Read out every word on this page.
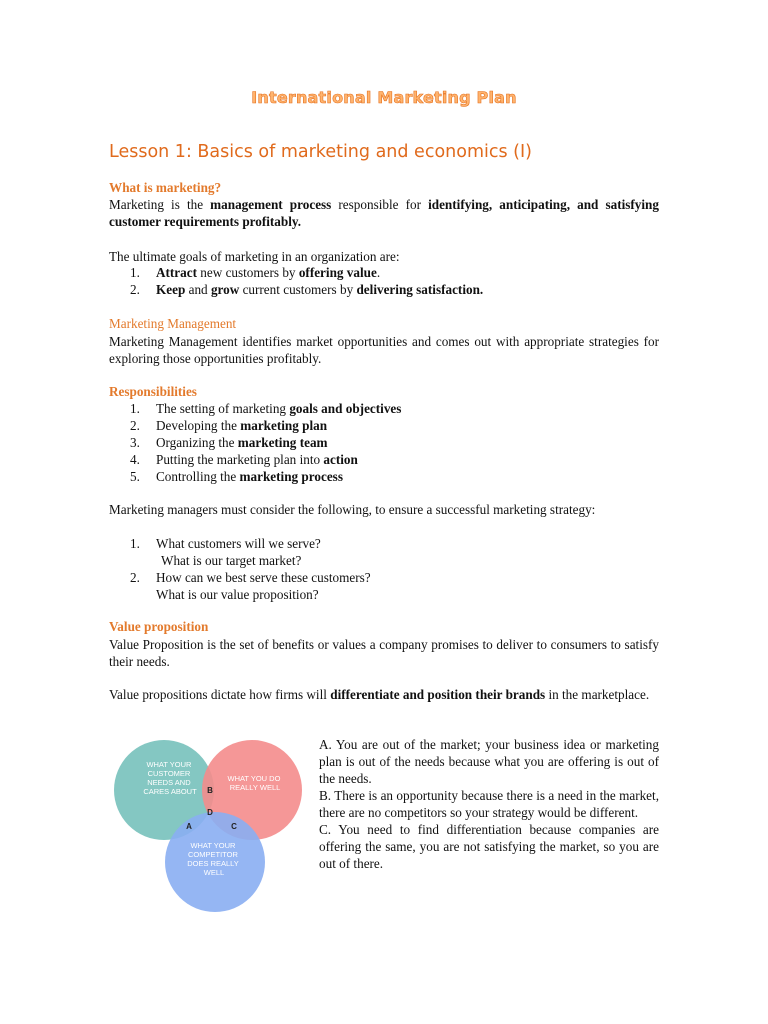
International Marketing Plan
Lesson 1: Basics of marketing and economics (I)
What is marketing?
Marketing is the management process responsible for identifying, anticipating, and satisfying customer requirements profitably.
The ultimate goals of marketing in an organization are:
1. Attract new customers by offering value.
2. Keep and grow current customers by delivering satisfaction.
Marketing Management
Marketing Management identifies market opportunities and comes out with appropriate strategies for exploring those opportunities profitably.
Responsibilities
1. The setting of marketing goals and objectives
2. Developing the marketing plan
3. Organizing the marketing team
4. Putting the marketing plan into action
5. Controlling the marketing process
Marketing managers must consider the following, to ensure a successful marketing strategy:
1. What customers will we serve?
What is our target market?
2. How can we best serve these customers?
What is our value proposition?
Value proposition
Value Proposition is the set of benefits or values a company promises to deliver to consumers to satisfy their needs.
Value propositions dictate how firms will differentiate and position their brands in the marketplace.
WHAT YOUR CUSTOMER NEEDS AND CARES ABOUT
WHAT YOU DO REALLY WELL
WHAT YOUR COMPETITOR DOES REALLY WELL
B
D
A	C
A. You are out of the market; your business idea or marketing plan is out of the needs because what you are offering is out of the needs.
B. There is an opportunity because there is a need in the market, there are no competitors so your strategy would be different.
C. You need to find differentiation because companies are offering the same, you are not satisfying the market, so you are out of there.
